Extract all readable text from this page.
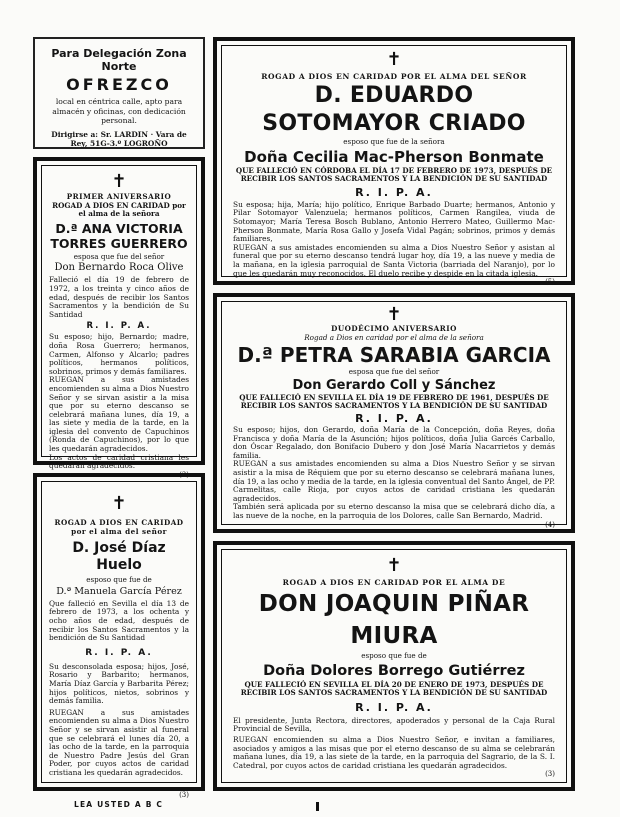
Para Delegación Zona Norte

OFREZCO

local en céntrica calle, apto para almacén y oficinas, con dedicación personal.

Dirigirse a: Sr. LARDIN · Vara de Rey, 51G-3.º LOGROÑO

✝

PRIMER ANIVERSARIO

ROGAD A DIOS EN CARIDAD por el alma de la señora

D.ª ANA VICTORIA TORRES GUERRERO

esposa que fue del señor

Don Bernardo Roca Olive

Falleció el día 19 de febrero de 1972, a los treinta y cinco años de edad, después de recibir los Santos Sacramentos y la bendición de Su Santidad

R. I. P. A.

Su esposo; hijo, Bernardo; madre, doña Rosa Guerrero; hermanos, Carmen, Alfonso y Alcarlo; padres políticos, hermanos políticos, sobrinos, primos y demás familiares.

RUEGAN a sus amistades encomienden su alma a Dios Nuestro Señor y se sirvan asistir a la misa que por su eterno descanso se celebrará mañana lunes, día 19, a las siete y media de la tarde, en la iglesia del convento de Capuchinos (Ronda de Capuchinos), por lo que les quedarán agradecidos.

Los actos de caridad cristiana les quedarán agradecidos.

(3)

✝

ROGAD A DIOS EN CARIDAD por el alma del señor

D. José Díaz Huelo

esposo que fue de

D.ª Manuela García Pérez

Que falleció en Sevilla el día 13 de febrero de 1973, a los ochenta y ocho años de edad, después de recibir los Santos Sacramentos y la bendición de Su Santidad

R. I. P. A.

Su desconsolada esposa; hijos, José, Rosario y Barbarito; hermanos, María Díaz García y Barbarita Pérez; hijos políticos, nietos, sobrinos y demás familia.

RUEGAN a sus amistades encomienden su alma a Dios Nuestro Señor y se sirvan asistir al funeral que se celebrará el lunes día 20, a las ocho de la tarde, en la parroquia de Nuestro Padre Jesús del Gran Poder, por cuyos actos de caridad cristiana les quedarán agradecidos.

(3)

✝

ROGAD A DIOS EN CARIDAD POR EL ALMA DEL SEÑOR

D. EDUARDO SOTOMAYOR CRIADO

esposo que fue de la señora

Doña Cecilia Mac-Pherson Bonmate

QUE FALLECIÓ EN CÓRDOBA EL DÍA 17 DE FEBRERO DE 1973, DESPUÉS DE RECIBIR LOS SANTOS SACRAMENTOS Y LA BENDICIÓN DE SU SANTIDAD

R. I. P. A.

Su esposa; hija, María; hijo político, Enrique Barbado Duarte; hermanos, Antonio y Pilar Sotomayor Valenzuela; hermanos políticos, Carmen Rangilea, viuda de Sotomayor; María Teresa Bosch Bublano, Antonio Herrero Mateo, Guillermo Mac-Pherson Bonmate, María Rosa Gallo y Josefa Vidal Pagán; sobrinos, primos y demás familiares,

RUEGAN a sus amistades encomienden su alma a Dios Nuestro Señor y asistan al funeral que por su eterno descanso tendrá lugar hoy, día 19, a las nueve y media de la mañana, en la iglesia parroquial de Santa Victoria (barriada del Naranjo), por lo que les quedarán muy reconocidos. El duelo recibe y despide en la citada iglesia.

(5)

✝

DUODÉCIMO ANIVERSARIO

Rogad a Dios en caridad por el alma de la señora

D.ª PETRA SARABIA GARCIA

esposa que fue del señor

Don Gerardo Coll y Sánchez

QUE FALLECIÓ EN SEVILLA EL DÍA 19 DE FEBRERO DE 1961, DESPUÉS DE RECIBIR LOS SANTOS SACRAMENTOS Y LA BENDICIÓN DE SU SANTIDAD

R. I. P. A.

Su esposo; hijos, don Gerardo, doña María de la Concepción, doña Reyes, doña Francisca y doña María de la Asunción; hijos políticos, doña Julia Garcés Carballo, don Óscar Regalado, don Bonifacio Dubero y don José María Nacarrietos y demás familia.

RUEGAN a sus amistades encomienden su alma a Dios Nuestro Señor y se sirvan asistir a la misa de Réquiem que por su eterno descanso se celebrará mañana lunes, día 19, a las ocho y media de la tarde, en la iglesia conventual del Santo Ángel, de PP. Carmelitas, calle Rioja, por cuyos actos de caridad cristiana les quedarán agradecidos.

También será aplicada por su eterno descanso la misa que se celebrará dicho día, a las nueve de la noche, en la parroquia de los Dolores, calle San Bernardo, Madrid.

(4)

✝

ROGAD A DIOS EN CARIDAD POR EL ALMA DE

DON JOAQUIN PIÑAR MIURA

esposo que fue de

Doña Dolores Borrego Gutiérrez

QUE FALLECIÓ EN SEVILLA EL DÍA 20 DE ENERO DE 1973, DESPUÉS DE RECIBIR LOS SANTOS SACRAMENTOS Y LA BENDICIÓN DE SU SANTIDAD

R. I. P. A.

El presidente, Junta Rectora, directores, apoderados y personal de la Caja Rural Provincial de Sevilla,

RUEGAN encomienden su alma a Dios Nuestro Señor, e invitan a familiares, asociados y amigos a las misas que por el eterno descanso de su alma se celebrarán mañana lunes, día 19, a las siete de la tarde, en la parroquia del Sagrario, de la S. I. Catedral, por cuyos actos de caridad cristiana les quedarán agradecidos.

(3)

LEA USTED A B C
